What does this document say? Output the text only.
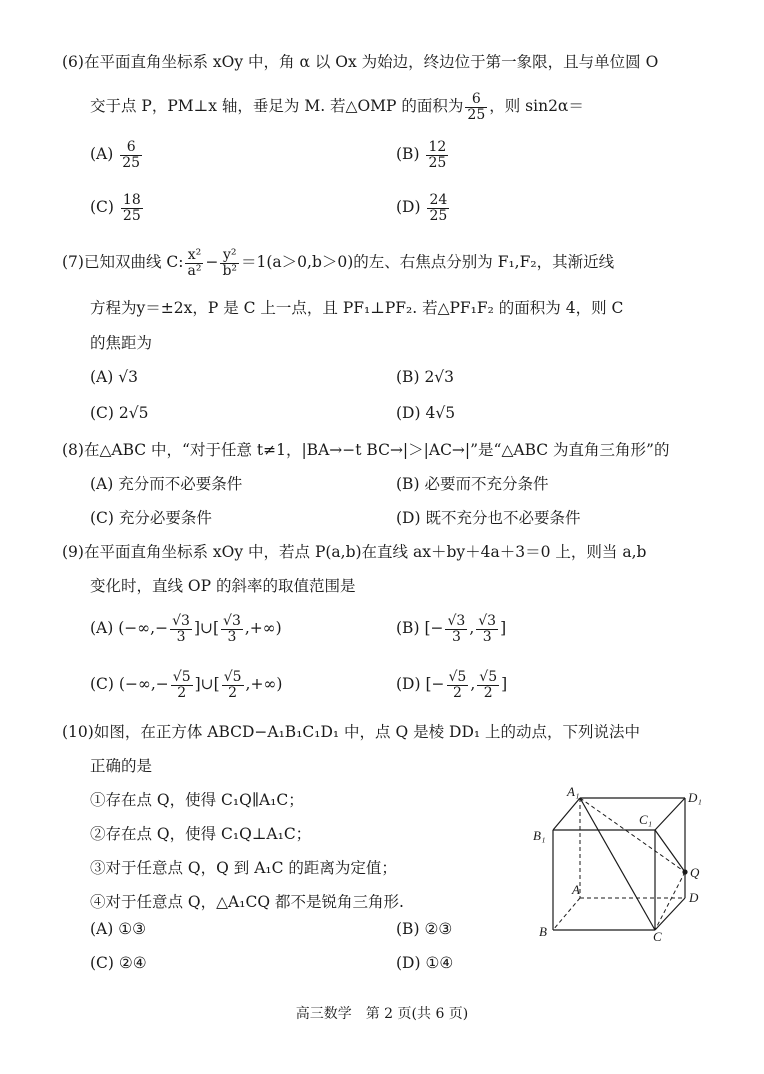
(6)在平面直角坐标系 xOy 中，角 α 以 Ox 为始边，终边位于第一象限，且与单位圆 O
交于点 P，PM⊥x 轴，垂足为 M. 若△OMP 的面积为 $\frac{6}{25}$ ，则 sin2α＝
$(A) \frac{6}{25}$	$(B) \frac{12}{25}$
$(C) \frac{18}{25}$	$(D) \frac{24}{25}$
(7)已知双曲线 C: $\frac{\text{x²}}{\text{a²}} - \frac{\text{y²}}{\text{b²}} =1(a>0,b>0)$的左、右焦点分别为 F₁,F₂，其渐近线
方程为y＝±2x，P 是 C 上一点，且 PF₁⊥PF₂. 若△PF₁F₂ 的面积为 4，则 C
的焦距为
(A) √3	(B) 2√3
(C) 2√5	(D) 4√5
(8)在△ABC 中，“对于任意 t≠1，|BA→−t BC→|＞|AC→|”是“△ABC 为直角三角形”的
(A) 充分而不必要条件	(B) 必要而不充分条件
(C) 充分必要条件	(D) 既不充分也不必要条件
(9)在平面直角坐标系 xOy 中，若点 P(a,b)在直线 ax＋by＋4a＋3＝0 上，则当 a,b
变化时，直线 OP 的斜率的取值范围是
(A) (−∞,− $\frac{√3}{3}$ ]∪[ $\frac{√3}{3}$ ,+∞)	(B) [− $\frac{√3}{3}$ , $\frac{√3}{3}$ ]
(C) (−∞,− $\frac{√5}{2}$ ]∪[ $\frac{√5}{2}$ ,+∞)	(D) [− $\frac{√5}{2}$ , $\frac{√5}{2}$ ]
(10)如图，在正方体 ABCD−A₁B₁C₁D₁ 中，点 Q 是棱 DD₁ 上的动点，下列说法中
正确的是
①存在点 Q，使得 C₁Q∥A₁C；
②存在点 Q，使得 C₁Q⊥A₁C；
③对于任意点 Q，Q 到 A₁C 的距离为定值；
④对于任意点 Q，△A₁CQ 都不是锐角三角形.
(A) ①③	(B) ②③
(C) ②④	(D) ①④
A₁	D₁
C₁
B₁
Q
A
D
B	C
高三数学　第 2 页(共 6 页)
